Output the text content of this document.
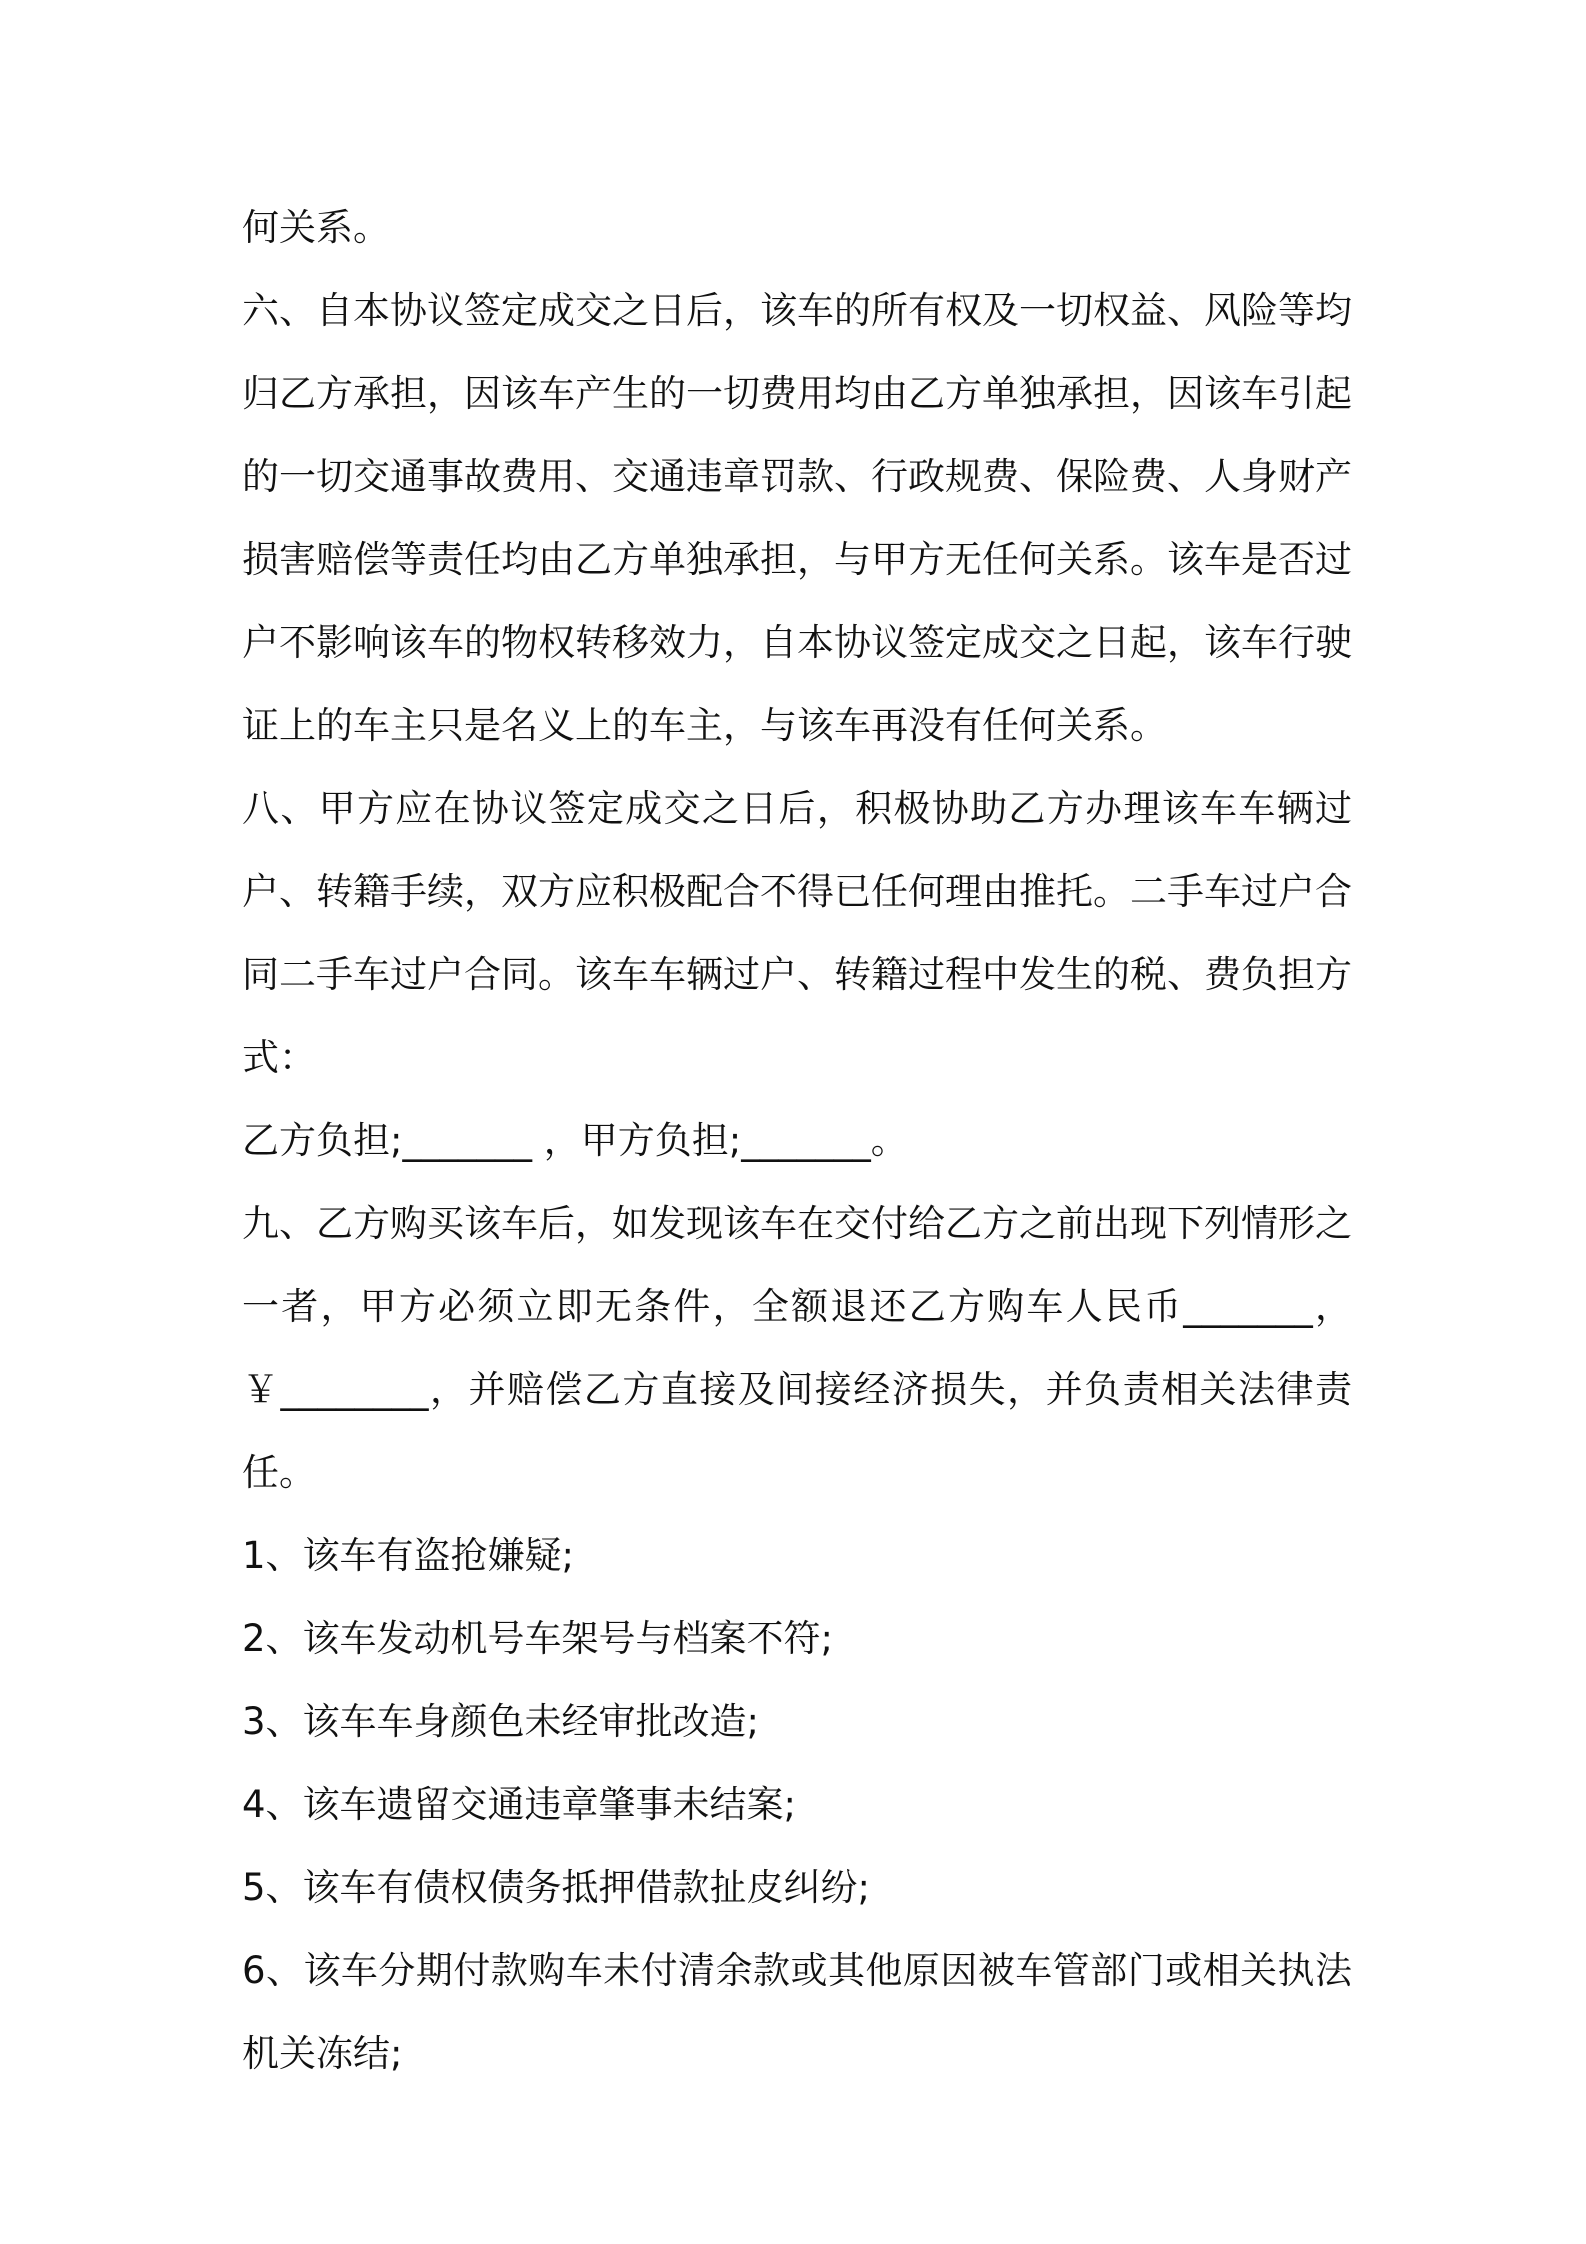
何关系。

六、自本协议签定成交之日后，该车的所有权及一切权益、风险等均归乙方承担，因该车产生的一切费用均由乙方单独承担，因该车引起的一切交通事故费用、交通违章罚款、行政规费、保险费、人身财产损害赔偿等责任均由乙方单独承担，与甲方无任何关系。该车是否过户不影响该车的物权转移效力，自本协议签定成交之日起，该车行驶证上的车主只是名义上的车主，与该车再没有任何关系。

八、甲方应在协议签定成交之日后，积极协助乙方办理该车车辆过户、转籍手续，双方应积极配合不得已任何理由推托。二手车过户合同二手车过户合同。该车车辆过户、转籍过程中发生的税、费负担方式：

乙方负担;_______ ，甲方负担;_______。

九、乙方购买该车后，如发现该车在交付给乙方之前出现下列情形之一者，甲方必须立即无条件，全额退还乙方购车人民币_______，￥________，并赔偿乙方直接及间接经济损失，并负责相关法律责任。

1、该车有盗抢嫌疑;

2、该车发动机号车架号与档案不符;

3、该车车身颜色未经审批改造;

4、该车遗留交通违章肇事未结案;

5、该车有债权债务抵押借款扯皮纠纷;

6、该车分期付款购车未付清余款或其他原因被车管部门或相关执法机关冻结;
